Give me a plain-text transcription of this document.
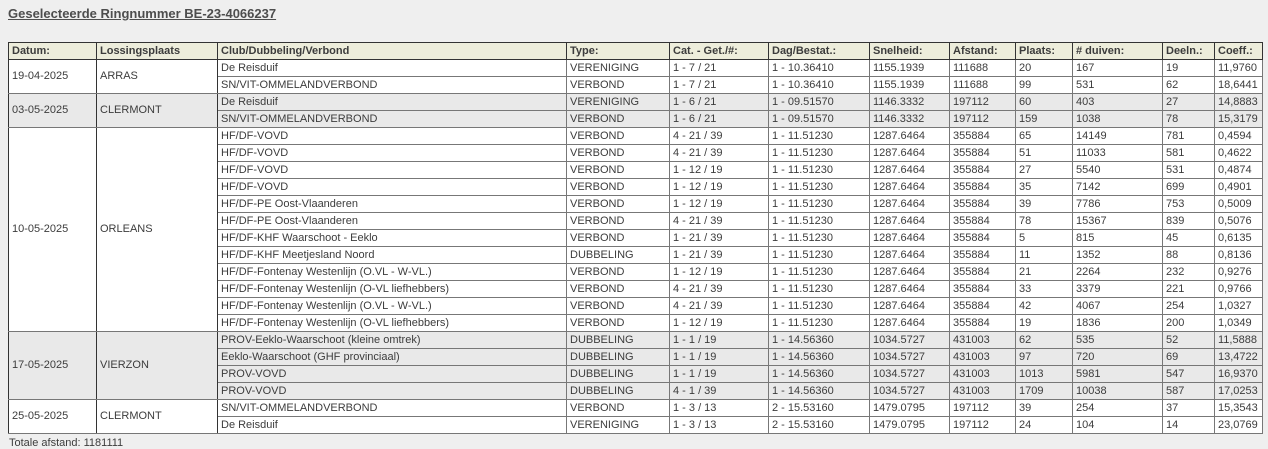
Geselecteerde Ringnummer BE-23-4066237
Datum:	Lossingsplaats	Club/Dubbeling/Verbond	Type:	Cat. - Get./#:	Dag/Bestat.:	Snelheid:	Afstand:	Plaats:	# duiven:	Deeln.:	Coeff.:
19-04-2025	ARRAS	De Reisduif	VERENIGING	1 - 7 / 21	1 - 10.36410	1155.1939	111688	20	167	19	11,9760
		SN/VIT-OMMELANDVERBOND	VERBOND	1 - 7 / 21	1 - 10.36410	1155.1939	111688	99	531	62	18,6441
03-05-2025	CLERMONT	De Reisduif	VERENIGING	1 - 6 / 21	1 - 09.51570	1146.3332	197112	60	403	27	14,8883
		SN/VIT-OMMELANDVERBOND	VERBOND	1 - 6 / 21	1 - 09.51570	1146.3332	197112	159	1038	78	15,3179
10-05-2025	ORLEANS	HF/DF-VOVD	VERBOND	4 - 21 / 39	1 - 11.51230	1287.6464	355884	65	14149	781	0,4594
		HF/DF-VOVD	VERBOND	4 - 21 / 39	1 - 11.51230	1287.6464	355884	51	11033	581	0,4622
		HF/DF-VOVD	VERBOND	1 - 12 / 19	1 - 11.51230	1287.6464	355884	27	5540	531	0,4874
		HF/DF-VOVD	VERBOND	1 - 12 / 19	1 - 11.51230	1287.6464	355884	35	7142	699	0,4901
		HF/DF-PE Oost-Vlaanderen	VERBOND	1 - 12 / 19	1 - 11.51230	1287.6464	355884	39	7786	753	0,5009
		HF/DF-PE Oost-Vlaanderen	VERBOND	4 - 21 / 39	1 - 11.51230	1287.6464	355884	78	15367	839	0,5076
		HF/DF-KHF Waarschoot - Eeklo	VERBOND	1 - 21 / 39	1 - 11.51230	1287.6464	355884	5	815	45	0,6135
		HF/DF-KHF Meetjesland Noord	DUBBELING	1 - 21 / 39	1 - 11.51230	1287.6464	355884	11	1352	88	0,8136
		HF/DF-Fontenay Westenlijn (O.VL - W-VL.)	VERBOND	1 - 12 / 19	1 - 11.51230	1287.6464	355884	21	2264	232	0,9276
		HF/DF-Fontenay Westenlijn (O-VL liefhebbers)	VERBOND	4 - 21 / 39	1 - 11.51230	1287.6464	355884	33	3379	221	0,9766
		HF/DF-Fontenay Westenlijn (O.VL - W-VL.)	VERBOND	4 - 21 / 39	1 - 11.51230	1287.6464	355884	42	4067	254	1,0327
		HF/DF-Fontenay Westenlijn (O-VL liefhebbers)	VERBOND	1 - 12 / 19	1 - 11.51230	1287.6464	355884	19	1836	200	1,0349
17-05-2025	VIERZON	PROV-Eeklo-Waarschoot (kleine omtrek)	DUBBELING	1 - 1 / 19	1 - 14.56360	1034.5727	431003	62	535	52	11,5888
		Eeklo-Waarschoot (GHF provinciaal)	DUBBELING	1 - 1 / 19	1 - 14.56360	1034.5727	431003	97	720	69	13,4722
		PROV-VOVD	DUBBELING	1 - 1 / 19	1 - 14.56360	1034.5727	431003	1013	5981	547	16,9370
		PROV-VOVD	DUBBELING	4 - 1 / 39	1 - 14.56360	1034.5727	431003	1709	10038	587	17,0253
25-05-2025	CLERMONT	SN/VIT-OMMELANDVERBOND	VERBOND	1 - 3 / 13	2 - 15.53160	1479.0795	197112	39	254	37	15,3543
		De Reisduif	VERENIGING	1 - 3 / 13	2 - 15.53160	1479.0795	197112	24	104	14	23,0769
Totale afstand: 1181111
